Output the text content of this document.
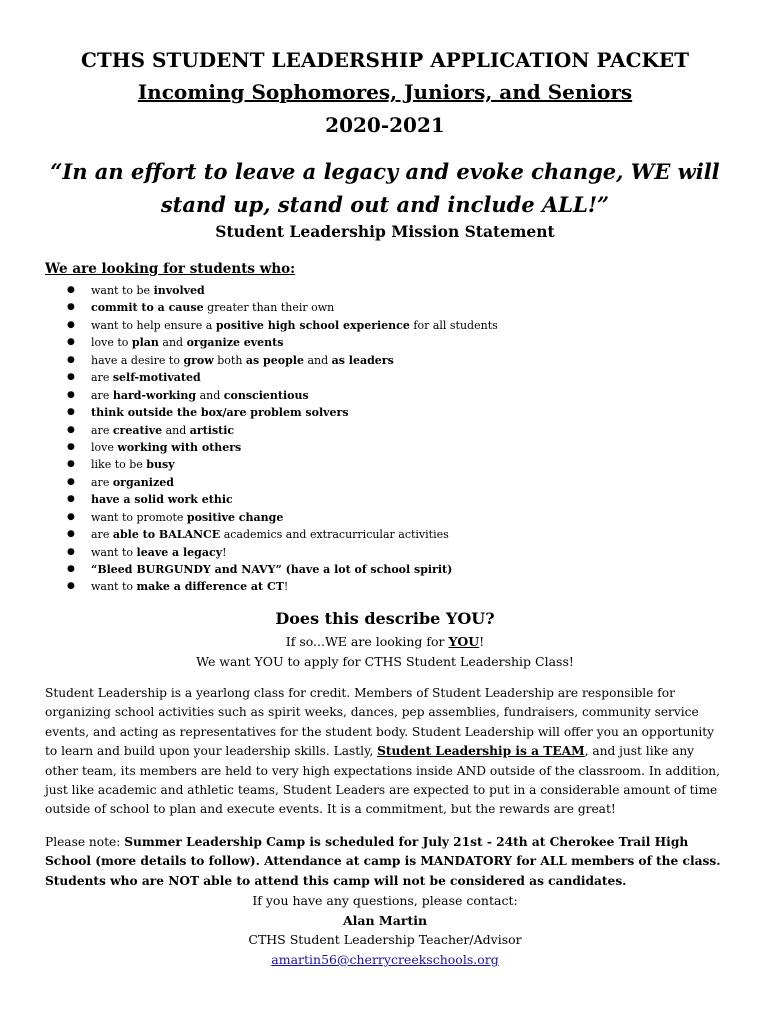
CTHS STUDENT LEADERSHIP APPLICATION PACKET
Incoming Sophomores, Juniors, and Seniors
2020-2021
“In an effort to leave a legacy and evoke change, WE will stand up, stand out and include ALL!”
Student Leadership Mission Statement
We are looking for students who:
● want to be involved
● commit to a cause greater than their own
● want to help ensure a positive high school experience for all students
● love to plan and organize events
● have a desire to grow both as people and as leaders
● are self-motivated
● are hard-working and conscientious
● think outside the box/are problem solvers
● are creative and artistic
● love working with others
● like to be busy
● are organized
● have a solid work ethic
● want to promote positive change
● are able to BALANCE academics and extracurricular activities
● want to leave a legacy!
● “Bleed BURGUNDY and NAVY” (have a lot of school spirit)
● want to make a difference at CT!
Does this describe YOU?
If so...WE are looking for YOU!
We want YOU to apply for CTHS Student Leadership Class!
Student Leadership is a yearlong class for credit. Members of Student Leadership are responsible for organizing school activities such as spirit weeks, dances, pep assemblies, fundraisers, community service events, and acting as representatives for the student body. Student Leadership will offer you an opportunity to learn and build upon your leadership skills. Lastly, Student Leadership is a TEAM, and just like any other team, its members are held to very high expectations inside AND outside of the classroom. In addition, just like academic and athletic teams, Student Leaders are expected to put in a considerable amount of time outside of school to plan and execute events. It is a commitment, but the rewards are great!
Please note: Summer Leadership Camp is scheduled for July 21st - 24th at Cherokee Trail High School (more details to follow). Attendance at camp is MANDATORY for ALL members of the class. Students who are NOT able to attend this camp will not be considered as candidates.
If you have any questions, please contact:
Alan Martin
CTHS Student Leadership Teacher/Advisor
amartin56@cherrycreekschools.org
